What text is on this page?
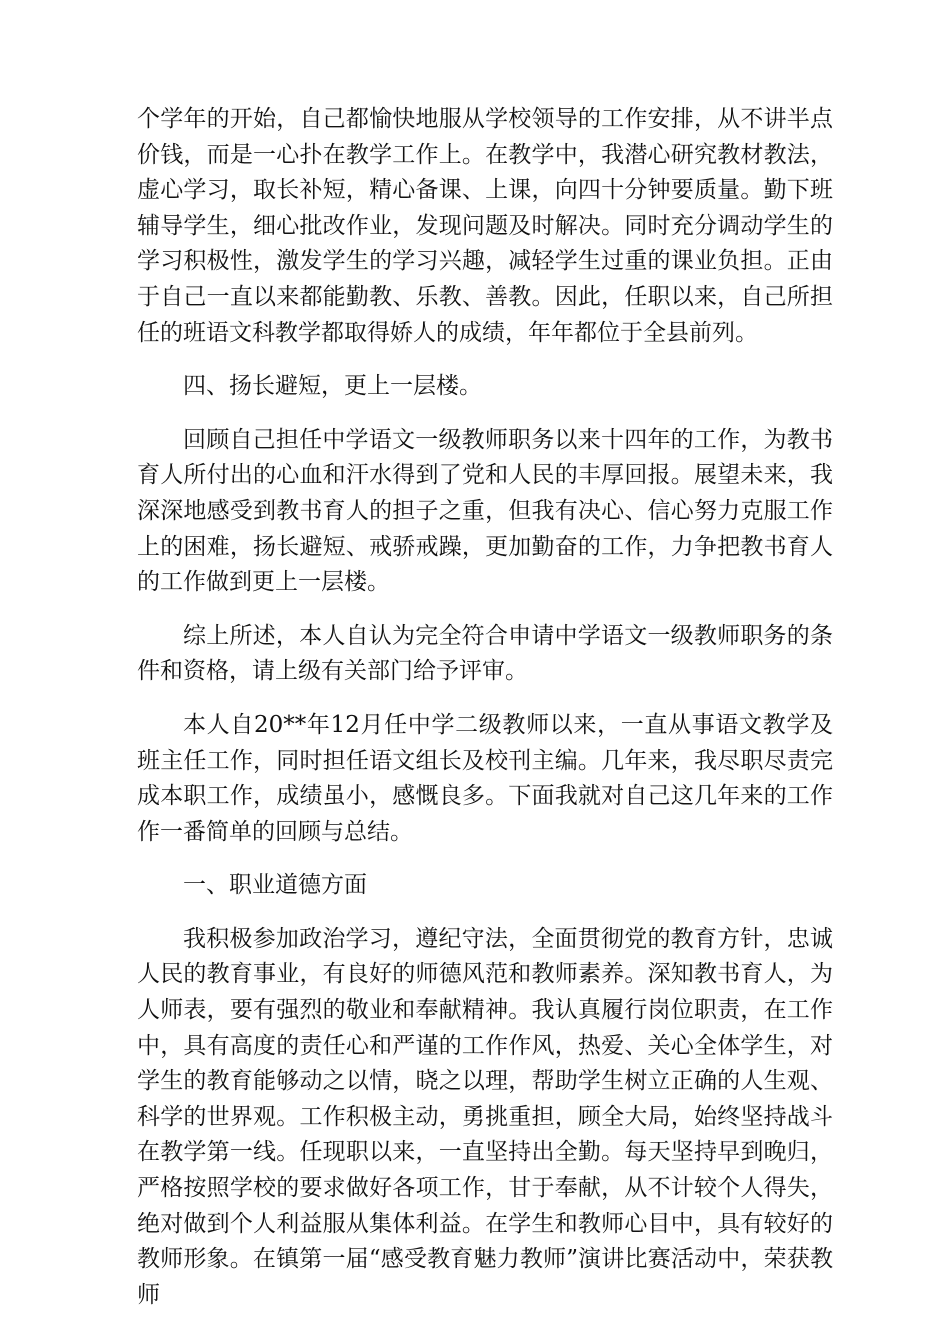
个学年的开始，自己都愉快地服从学校领导的工作安排，从不讲半点价钱，而是一心扑在教学工作上。在教学中，我潜心研究教材教法，虚心学习，取长补短，精心备课、上课，向四十分钟要质量。勤下班辅导学生，细心批改作业，发现问题及时解决。同时充分调动学生的学习积极性，激发学生的学习兴趣，减轻学生过重的课业负担。正由于自己一直以来都能勤教、乐教、善教。因此，任职以来，自己所担任的班语文科教学都取得娇人的成绩，年年都位于全县前列。

四、扬长避短，更上一层楼。

回顾自己担任中学语文一级教师职务以来十四年的工作，为教书育人所付出的心血和汗水得到了党和人民的丰厚回报。展望未来，我深深地感受到教书育人的担子之重，但我有决心、信心努力克服工作上的困难，扬长避短、戒骄戒躁，更加勤奋的工作，力争把教书育人的工作做到更上一层楼。

综上所述，本人自认为完全符合申请中学语文一级教师职务的条件和资格，请上级有关部门给予评审。

本人自20**年12月任中学二级教师以来，一直从事语文教学及班主任工作，同时担任语文组长及校刊主编。几年来，我尽职尽责完成本职工作，成绩虽小，感慨良多。下面我就对自己这几年来的工作作一番简单的回顾与总结。

一、职业道德方面

我积极参加政治学习，遵纪守法，全面贯彻党的教育方针，忠诚人民的教育事业，有良好的师德风范和教师素养。深知教书育人，为人师表，要有强烈的敬业和奉献精神。我认真履行岗位职责，在工作中，具有高度的责任心和严谨的工作作风，热爱、关心全体学生，对学生的教育能够动之以情，晓之以理，帮助学生树立正确的人生观、科学的世界观。工作积极主动，勇挑重担，顾全大局，始终坚持战斗在教学第一线。任现职以来，一直坚持出全勤。每天坚持早到晚归，严格按照学校的要求做好各项工作，甘于奉献，从不计较个人得失，绝对做到个人利益服从集体利益。在学生和教师心目中，具有较好的教师形象。在镇第一届“感受教育魅力教师”演讲比赛活动中，荣获教师
